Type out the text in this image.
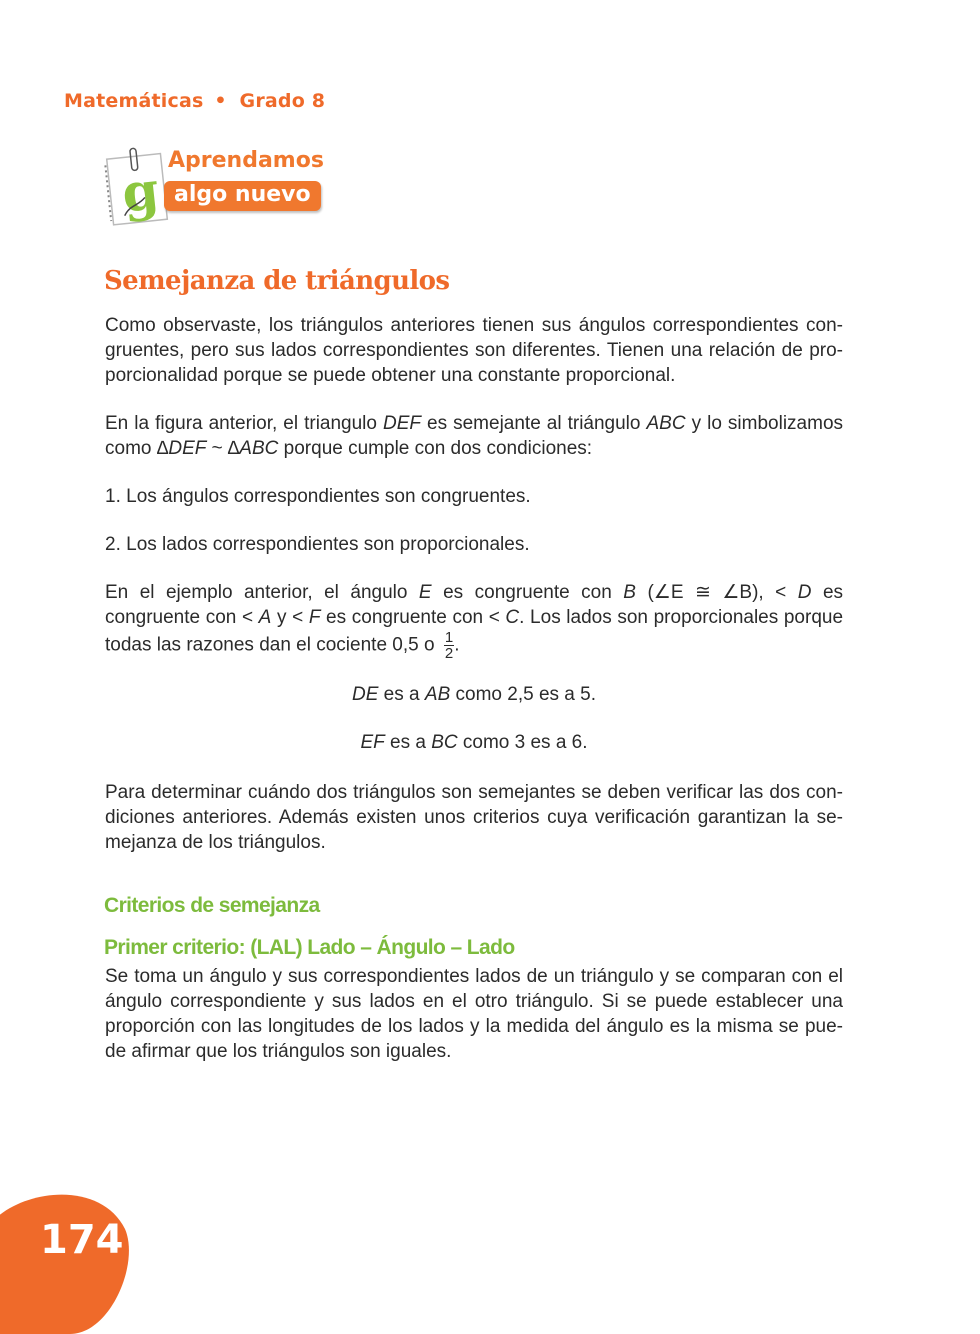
Matemáticas • Grado 8
g Aprendamos
algo nuevo
Semejanza de triángulos

Como observaste, los triángulos anteriores tienen sus ángulos correspondientes con-gruentes, pero sus lados correspondientes son diferentes. Tienen una relación de pro-porcionalidad porque se puede obtener una constante proporcional.

En la figura anterior, el triangulo DEF es semejante al triángulo ABC y lo simbolizamos como ∆DEF ~ ∆ABC porque cumple con dos condiciones:

1. Los ángulos correspondientes son congruentes.

2. Los lados correspondientes son proporcionales.

En el ejemplo anterior, el ángulo E es congruente con B (∠E ≅ ∠B), < D es congruente con < A y < F es congruente con < C. Los lados son proporcionales porque todas las razones dan el cociente 0,5 o $\frac{1}{2}$ .

DE es a AB como 2,5 es a 5.
EF es a BC como 3 es a 6.

Para determinar cuándo dos triángulos son semejantes se deben verificar las dos con-diciones anteriores. Además existen unos criterios cuya verificación garantizan la se-mejanza de los triángulos.

Criterios de semejanza
Primer criterio: (LAL) Lado – Ángulo – Lado

Se toma un ángulo y sus correspondientes lados de un triángulo y se comparan con el ángulo correspondiente y sus lados en el otro triángulo. Si se puede establecer una proporción con las longitudes de los lados y la medida del ángulo es la misma se pue-de afirmar que los triángulos son iguales.

174
